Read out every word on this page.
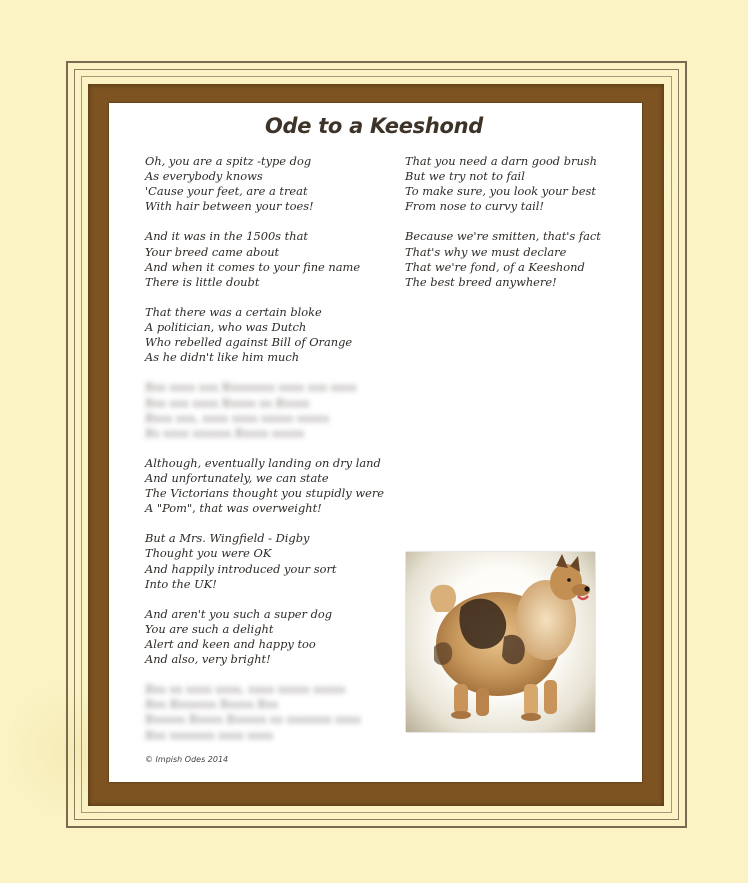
Ode to a Keeshond
Oh, you are a spitz -type dog
As everybody knows
'Cause your feet, are a treat
With hair between your toes!
And it was in the 1500s that
Your breed came about
And when it comes to your fine name
There is little doubt
That there was a certain bloke
A politician, who was Dutch
Who rebelled against Bill of Orange
As he didn't like him much
Xxx xxxx xxx Xxxxxxxx xxxx xxx xxxx
Xxx xxx xxxx Xxxxx xx Xxxxx
Xxxx xxx, xxxx xxxx xxxxx xxxxx
Xx xxxx xxxxxx Xxxxx xxxxx
Although, eventually landing on dry land
And unfortunately, we can state
The Victorians thought you stupidly were
A "Pom", that was overweight!
But a Mrs. Wingfield - Digby
Thought you were OK
And happily introduced your sort
Into the UK!
And aren't you such a super dog
You are such a delight
Alert and keen and happy too
And also, very bright!
Xxx xx xxxx xxxx, xxxx xxxxx xxxxx
Xxx Xxxxxxx Xxxxx Xxx
Xxxxxx Xxxxx Xxxxxx xx xxxxxxx xxxx
Xxx xxxxxxx xxxx xxxx
That you need a darn good brush
But we try not to fail
To make sure, you look your best
From nose to curvy tail!
Because we're smitten, that's fact
That's why we must declare
That we're fond, of a Keeshond
The best breed anywhere!
© Impish Odes 2014
